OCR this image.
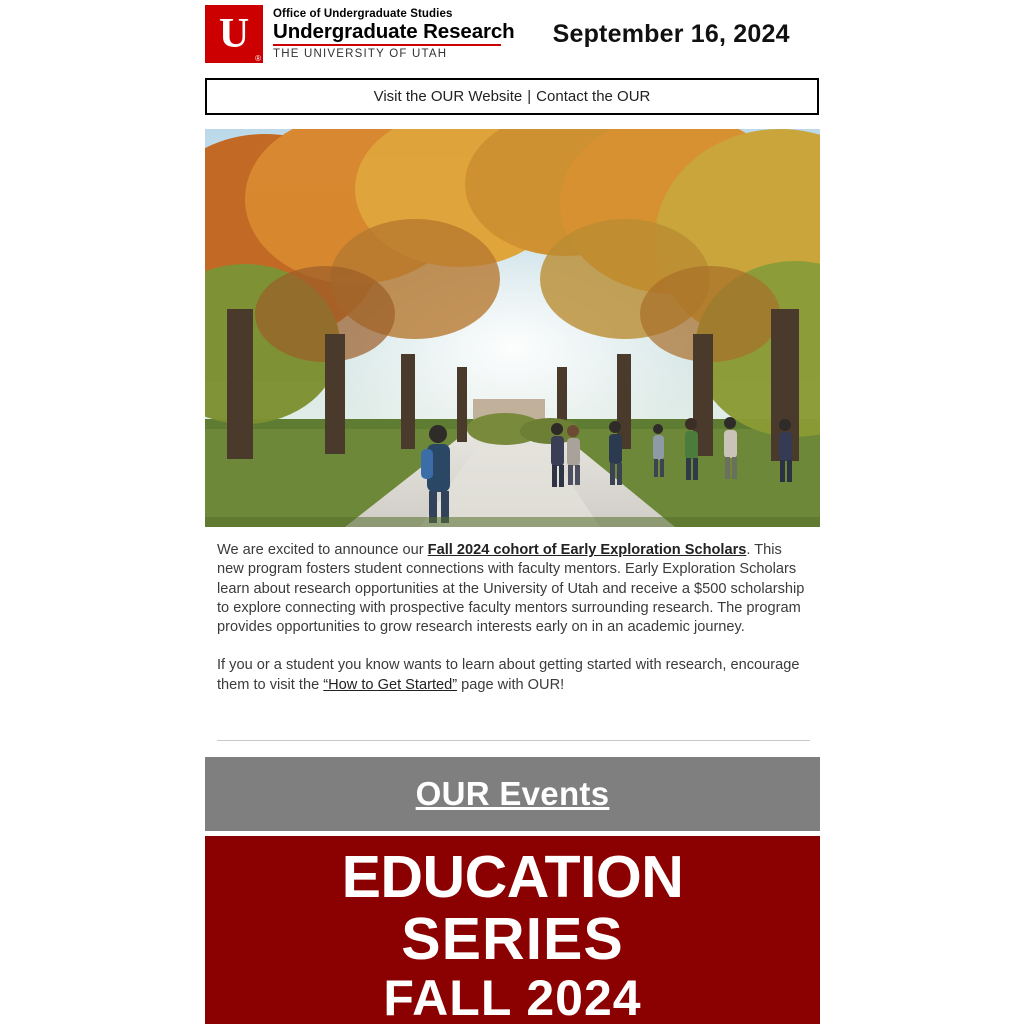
U
®
Office of Undergraduate Studies
Undergraduate Research
THE UNIVERSITY OF UTAH
September 16, 2024
Visit the OUR Website | Contact the OUR

We are excited to announce our Fall 2024 cohort of Early Exploration Scholars. This new program fosters student connections with faculty mentors. Early Exploration Scholars learn about research opportunities at the University of Utah and receive a $500 scholarship to explore connecting with prospective faculty mentors surrounding research. The program provides opportunities to grow research interests early on in an academic journey.

If you or a student you know wants to learn about getting started with research, encourage them to visit the “How to Get Started” page with OUR!

OUR Events
EDUCATION
SERIES
FALL 2024
